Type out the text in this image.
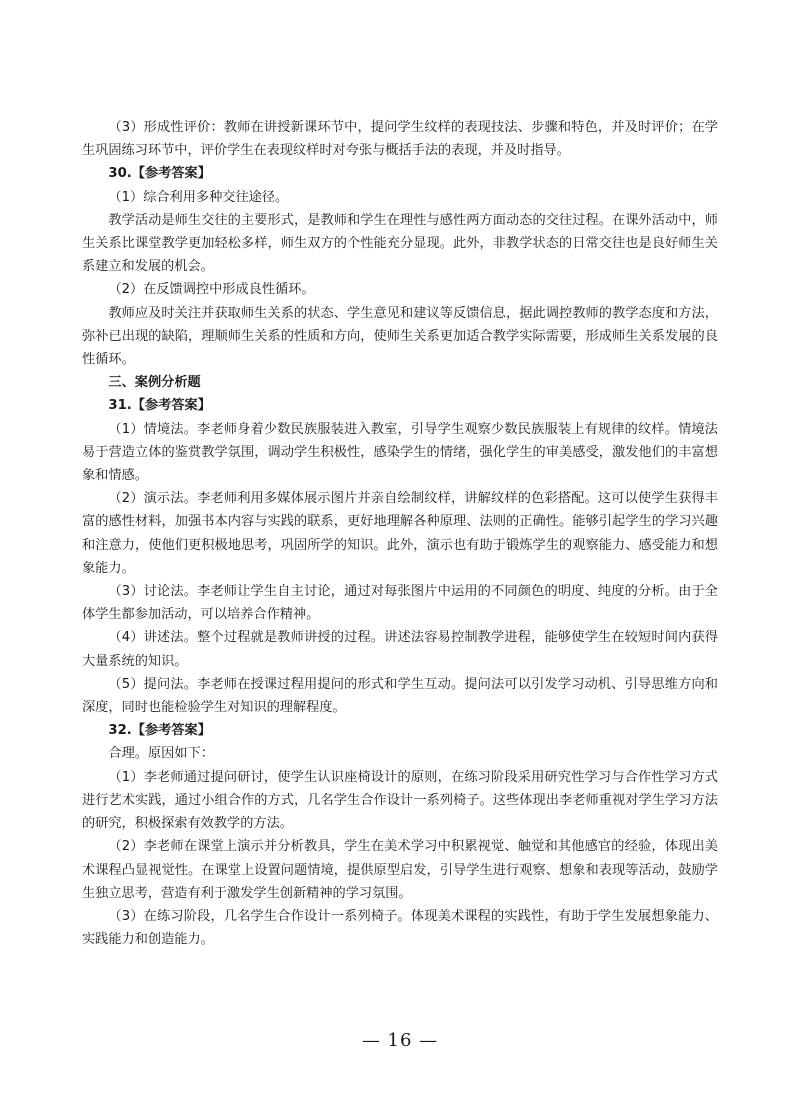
（3）形成性评价：教师在讲授新课环节中，提问学生纹样的表现技法、步骤和特色，并及时评价；在学生巩固练习环节中，评价学生在表现纹样时对夸张与概括手法的表现，并及时指导。

30.【参考答案】

（1）综合利用多种交往途径。

教学活动是师生交往的主要形式，是教师和学生在理性与感性两方面动态的交往过程。在课外活动中，师生关系比课堂教学更加轻松多样，师生双方的个性能充分显现。此外，非教学状态的日常交往也是良好师生关系建立和发展的机会。

（2）在反馈调控中形成良性循环。

教师应及时关注并获取师生关系的状态、学生意见和建议等反馈信息，据此调控教师的教学态度和方法，弥补已出现的缺陷，理顺师生关系的性质和方向，使师生关系更加适合教学实际需要，形成师生关系发展的良性循环。

三、案例分析题

31.【参考答案】

（1）情境法。李老师身着少数民族服装进入教室，引导学生观察少数民族服装上有规律的纹样。情境法易于营造立体的鉴赏教学氛围，调动学生积极性，感染学生的情绪，强化学生的审美感受，激发他们的丰富想象和情感。

（2）演示法。李老师利用多媒体展示图片并亲自绘制纹样，讲解纹样的色彩搭配。这可以使学生获得丰富的感性材料，加强书本内容与实践的联系，更好地理解各种原理、法则的正确性。能够引起学生的学习兴趣和注意力，使他们更积极地思考，巩固所学的知识。此外，演示也有助于锻炼学生的观察能力、感受能力和想象能力。

（3）讨论法。李老师让学生自主讨论，通过对每张图片中运用的不同颜色的明度、纯度的分析。由于全体学生都参加活动，可以培养合作精神。

（4）讲述法。整个过程就是教师讲授的过程。讲述法容易控制教学进程，能够使学生在较短时间内获得大量系统的知识。

（5）提问法。李老师在授课过程用提问的形式和学生互动。提问法可以引发学习动机、引导思维方向和深度，同时也能检验学生对知识的理解程度。

32.【参考答案】

合理。原因如下：

（1）李老师通过提问研讨，使学生认识座椅设计的原则，在练习阶段采用研究性学习与合作性学习方式进行艺术实践，通过小组合作的方式，几名学生合作设计一系列椅子。这些体现出李老师重视对学生学习方法的研究，积极探索有效教学的方法。

（2）李老师在课堂上演示并分析教具，学生在美术学习中积累视觉、触觉和其他感官的经验，体现出美术课程凸显视觉性。在课堂上设置问题情境，提供原型启发，引导学生进行观察、想象和表现等活动，鼓励学生独立思考，营造有利于激发学生创新精神的学习氛围。

（3）在练习阶段，几名学生合作设计一系列椅子。体现美术课程的实践性，有助于学生发展想象能力、实践能力和创造能力。

— 16 —
